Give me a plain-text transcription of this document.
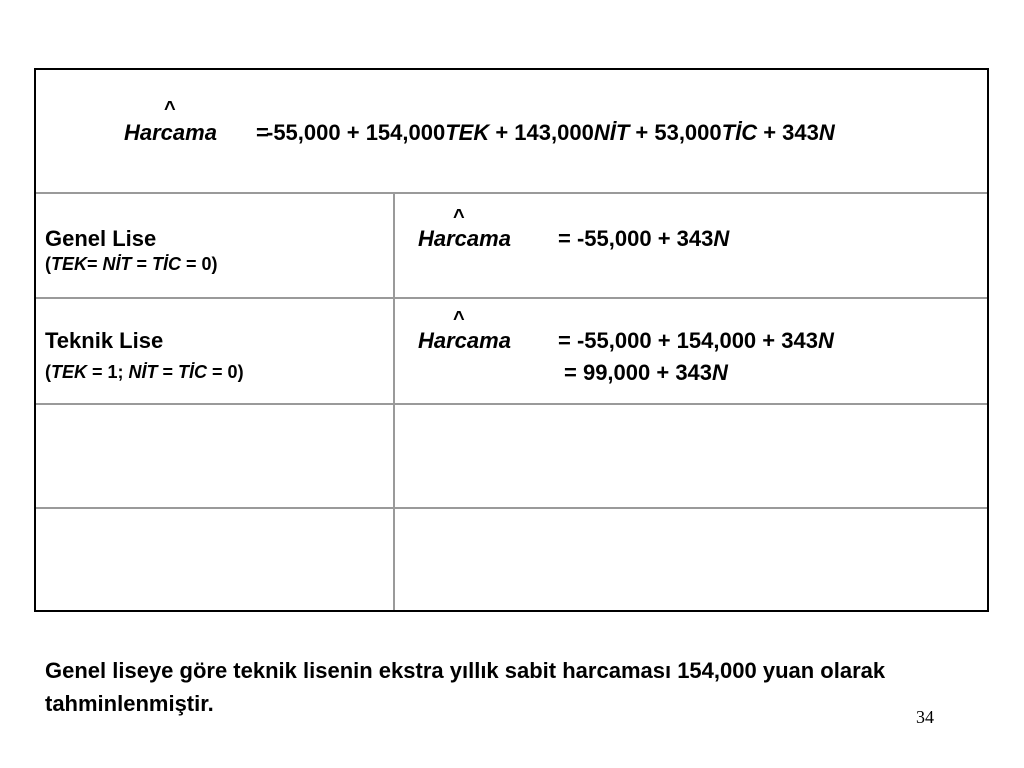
^
Harcama =
-55,000 + 154,000TEK + 143,000NİT + 53,000TİC + 343N
Genel Lise
(TEK= NİT = TİC = 0)
^
Harcama = -55,000 + 343N
Teknik Lise
(TEK = 1; NİT = TİC = 0)
^
Harcama = -55,000 + 154,000 + 343N
= 99,000 + 343N
Genel liseye göre teknik lisenin ekstra yıllık sabit harcaması 154,000 yuan olarak tahminlenmiştir.
34
